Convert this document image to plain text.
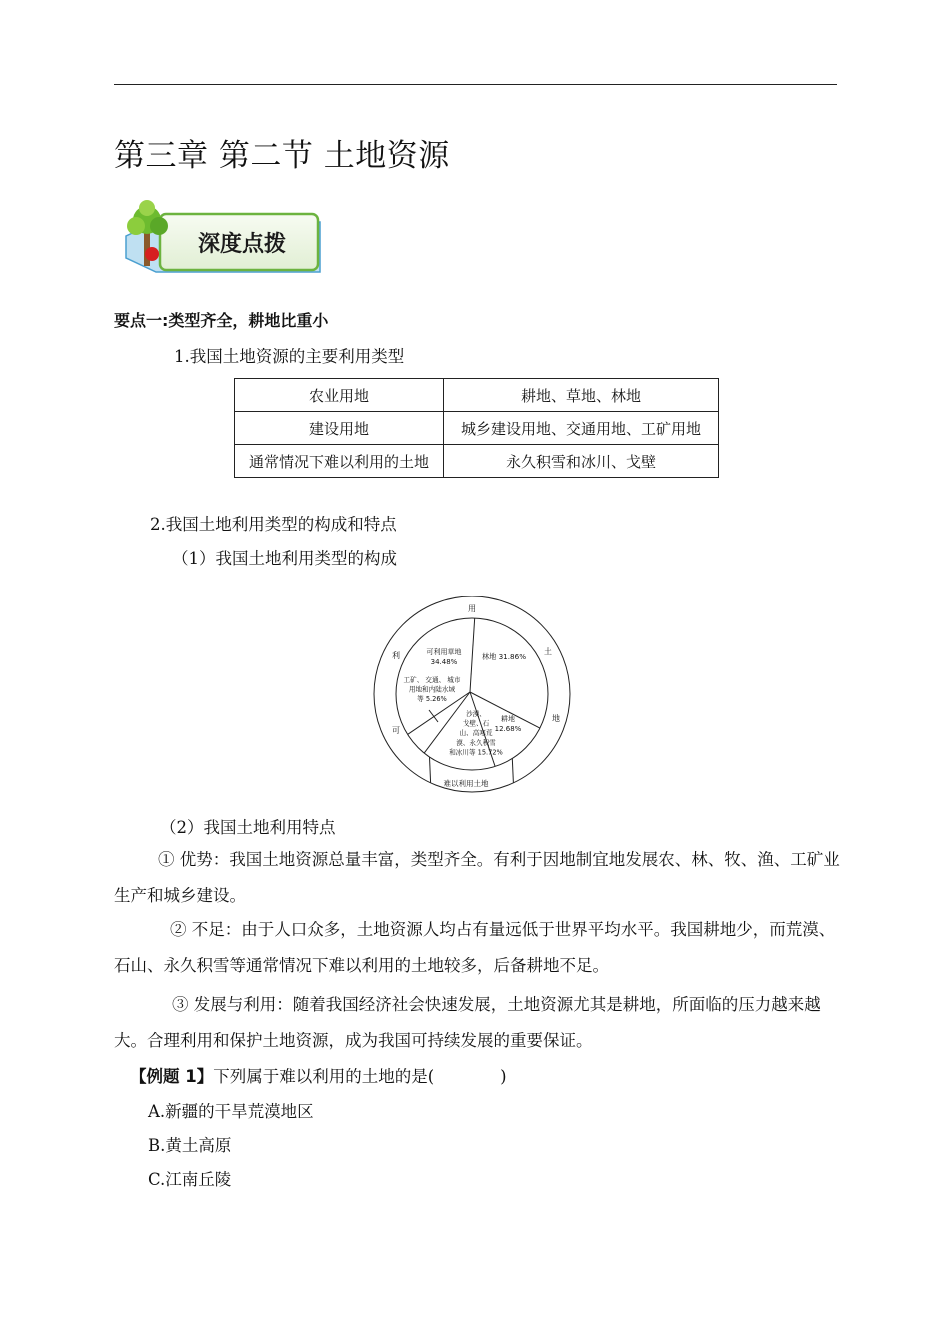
第三章 第二节 土地资源
深度点拨
要点一:类型齐全，耕地比重小
1.我国土地资源的主要利用类型
农业用地	耕地、草地、林地
建设用地	城乡建设用地、交通用地、工矿用地
通常情况下难以利用的土地	永久积雪和冰川、戈壁
2.我国土地利用类型的构成和特点
（1）我国土地利用类型的构成
用
土
地
可
利
难以利用土地
林地 31.86%
耕地
12.68%
沙漠、
戈壁、石
山、高寒荒
漠、永久积雪
和冰川等 15.72%
工矿、 交通、 城市
用地和内陆水域
等 5.26%
可利用草地
34.48%
（2）我国土地利用特点
① 优势：我国土地资源总量丰富，类型齐全。有利于因地制宜地发展农、林、牧、渔、工矿业生产和城乡建设。
② 不足：由于人口众多，土地资源人均占有量远低于世界平均水平。我国耕地少，而荒漠、石山、永久积雪等通常情况下难以利用的土地较多，后备耕地不足。
③ 发展与利用：随着我国经济社会快速发展，土地资源尤其是耕地，所面临的压力越来越大。合理利用和保护土地资源，成为我国可持续发展的重要保证。
【例题 1】下列属于难以利用的土地的是(　　　　)
A.新疆的干旱荒漠地区
B.黄土高原
C.江南丘陵
